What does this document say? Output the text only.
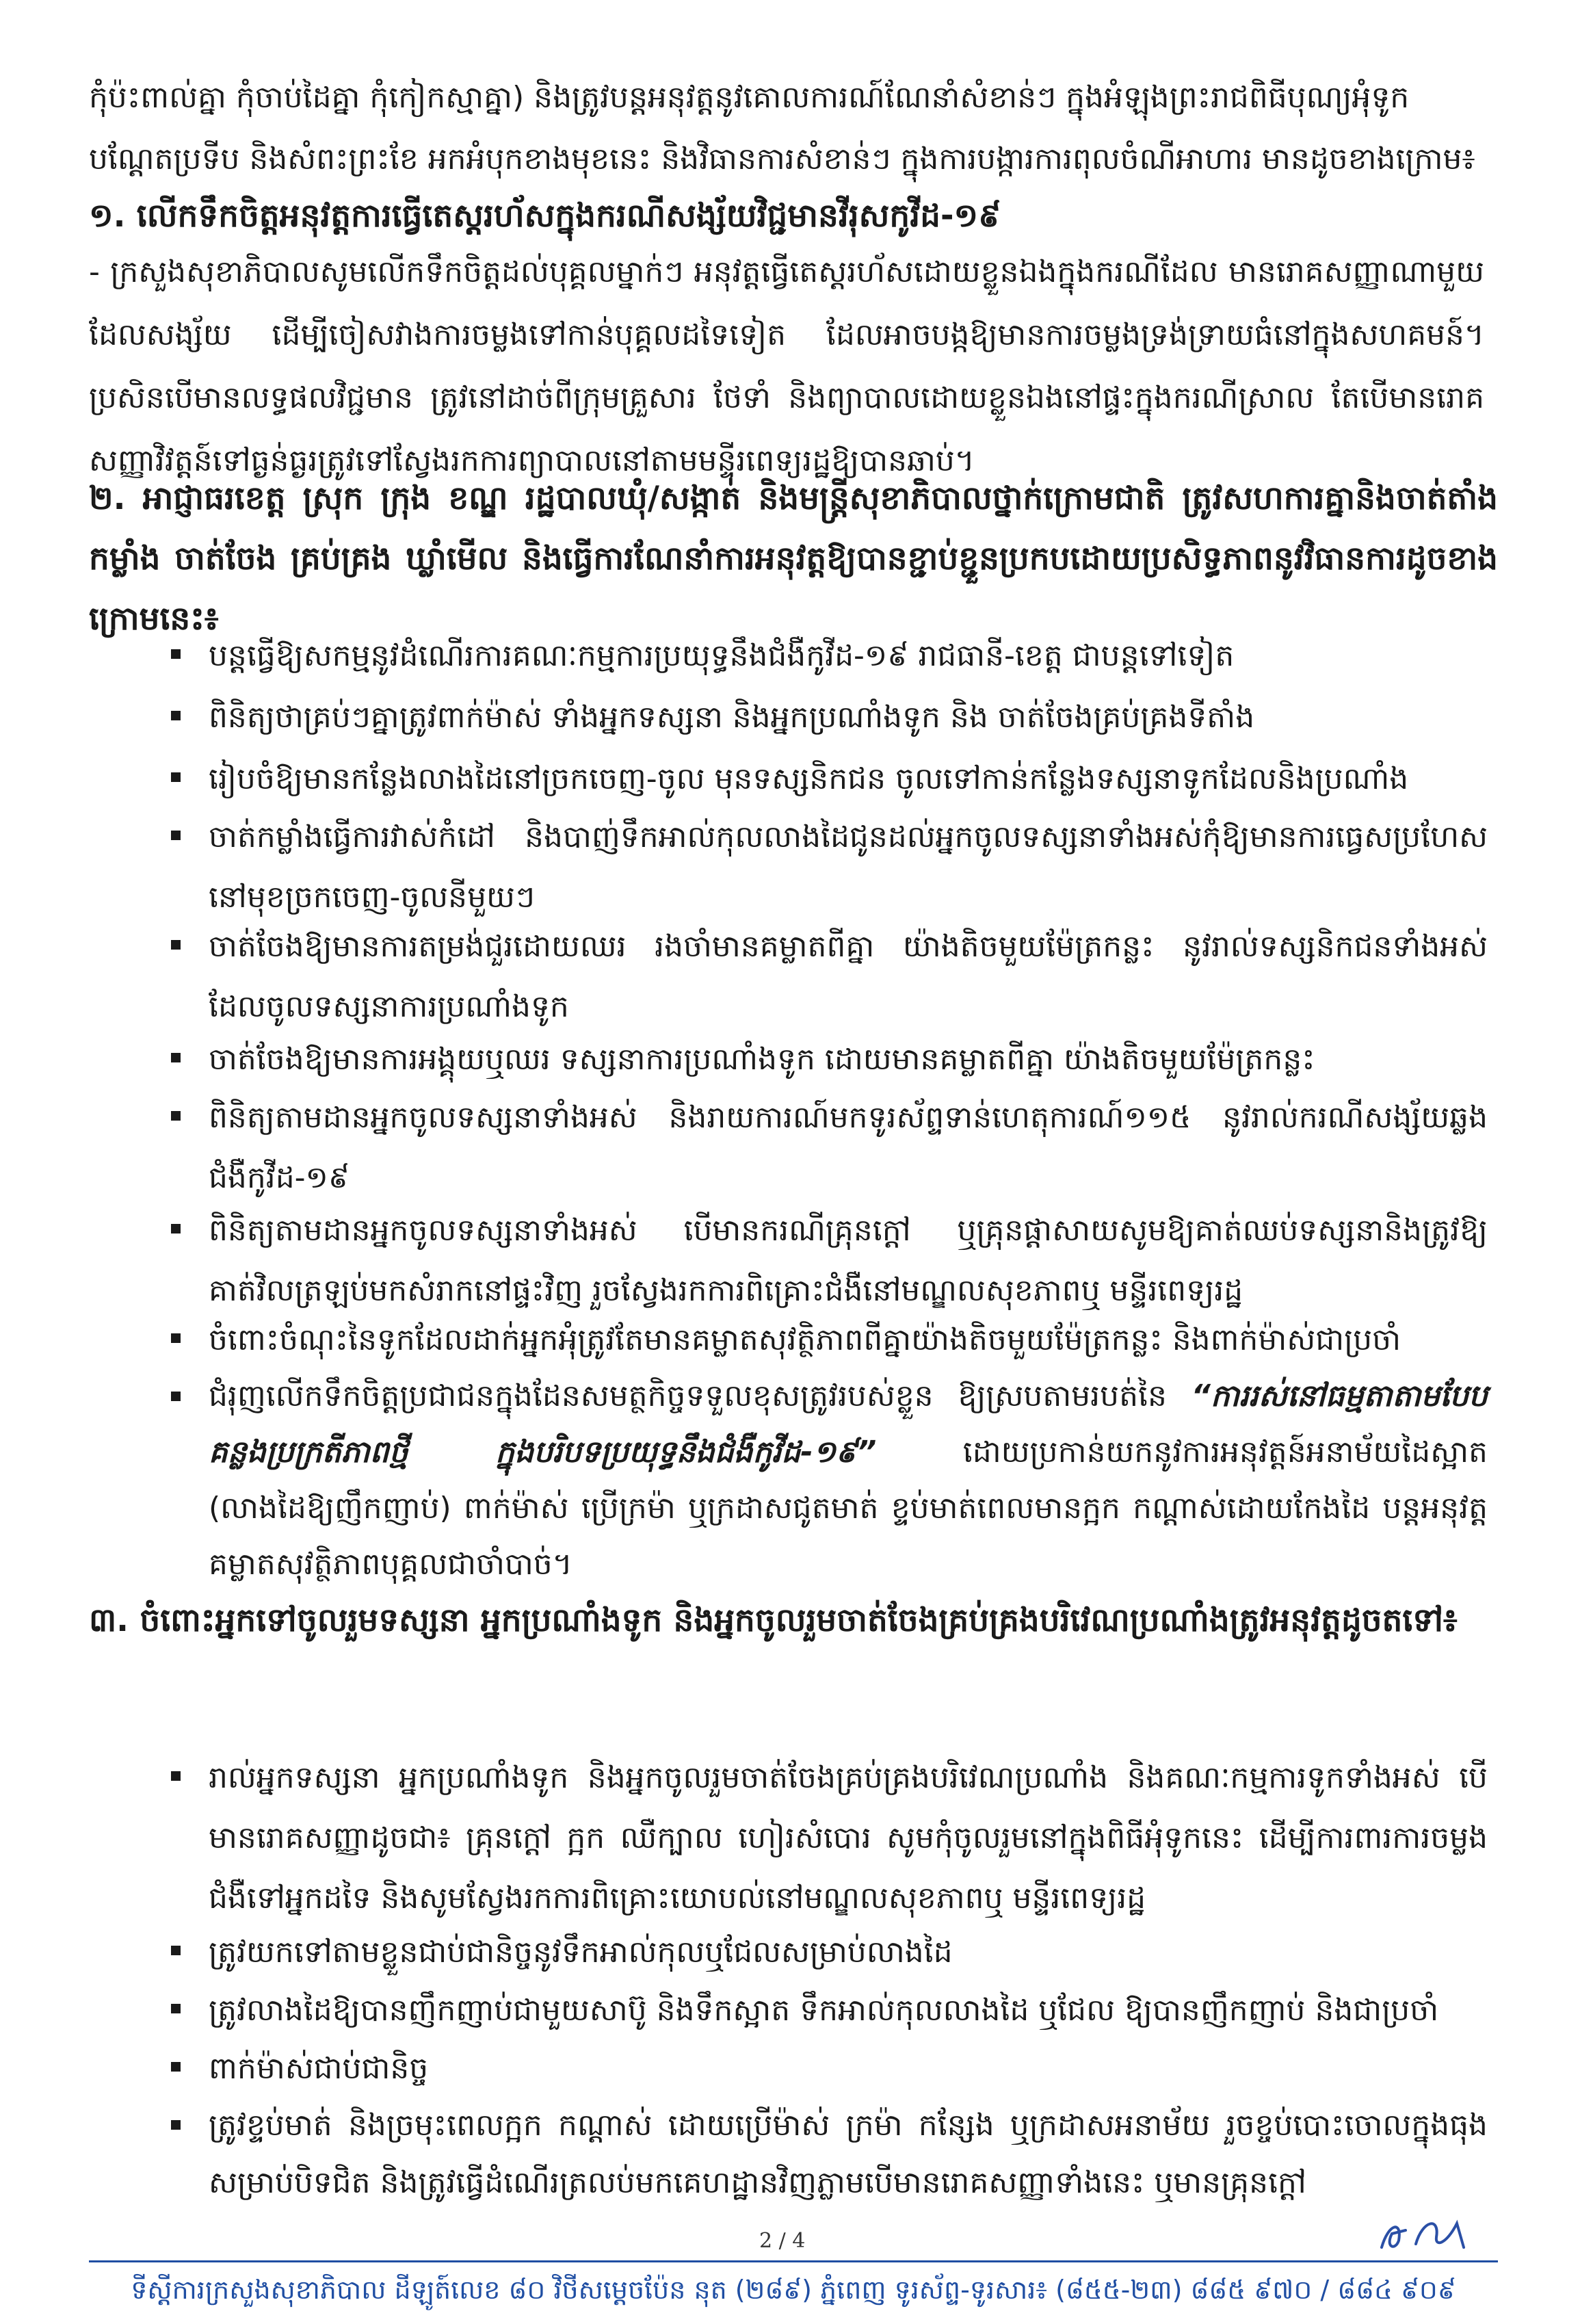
កុំប៉ះពាល់គ្នា កុំចាប់ដៃគ្នា កុំកៀកស្មាគ្នា) និងត្រូវបន្តអនុវត្តនូវគោលការណ៍ណែនាំសំខាន់ៗ ក្នុងអំឡុងព្រះរាជពិធីបុណ្យអុំទូក
បណ្តែតប្រទីប និងសំពះព្រះខែ អកអំបុកខាងមុខនេះ និងវិធានការសំខាន់ៗ ក្នុងការបង្ការការពុលចំណីអាហារ មានដូចខាងក្រោម៖
១. លើកទឹកចិត្តអនុវត្តការធ្វើតេស្តរហ័សក្នុងករណីសង្ស័យវិជ្ជមានវីរុសកូវីដ-១៩
- ក្រសួងសុខាភិបាលសូមលើកទឹកចិត្តដល់បុគ្គលម្នាក់ៗ អនុវត្តធ្វើតេស្តរហ័សដោយខ្លួនឯងក្នុងករណីដែល មានរោគសញ្ញាណាមួយដែលសង្ស័យ ដើម្បីចៀសវាងការចម្លងទៅកាន់បុគ្គលដទៃទៀត ដែលអាចបង្កឱ្យមានការចម្លងទ្រង់ទ្រាយធំនៅក្នុងសហគមន៍។ ប្រសិនបើមានលទ្ធផលវិជ្ជមាន ត្រូវនៅដាច់ពីក្រុមគ្រួសារ ថែទាំ និងព្យាបាលដោយខ្លួនឯងនៅផ្ទះក្នុងករណីស្រាល តែបើមានរោគសញ្ញាវិវត្តន៍ទៅធ្ងន់ធ្ងរត្រូវទៅស្វែងរកការព្យាបាលនៅតាមមន្ទីរពេទ្យរដ្ឋឱ្យបានឆាប់។
២. អាជ្ញាធរខេត្ត ស្រុក ក្រុង ខណ្ឌ រដ្ឋបាលឃុំ/សង្កាត់ និងមន្រ្តីសុខាភិបាលថ្នាក់ក្រោមជាតិ ត្រូវសហការគ្នានិងចាត់តាំងកម្លាំង ចាត់ចែង គ្រប់គ្រង ឃ្លាំមើល និងធ្វើការណែនាំការអនុវត្តឱ្យបានខ្ជាប់ខ្ជួនប្រកបដោយប្រសិទ្ធភាពនូវវិធានការដូចខាងក្រោមនេះ៖
បន្តធ្វើឱ្យសកម្មនូវដំណើរការគណៈកម្មការប្រយុទ្ធនឹងជំងឺកូវីដ-១៩ រាជធានី-ខេត្ត ជាបន្តទៅទៀត
ពិនិត្យថាគ្រប់ៗគ្នាត្រូវពាក់ម៉ាស់ ទាំងអ្នកទស្សនា និងអ្នកប្រណាំងទូក និង ចាត់ចែងគ្រប់គ្រងទីតាំង
រៀបចំឱ្យមានកន្លែងលាងដៃនៅច្រកចេញ-ចូល មុនទស្សនិកជន ចូលទៅកាន់កន្លែងទស្សនាទូកដែលនិងប្រណាំង
ចាត់កម្លាំងធ្វើការវាស់កំដៅ និងបាញ់ទឹកអាល់កុលលាងដៃជូនដល់អ្នកចូលទស្សនាទាំងអស់កុំឱ្យមានការធ្វេសប្រហែសនៅមុខច្រកចេញ-ចូលនីមួយៗ
ចាត់ចែងឱ្យមានការតម្រង់ជួរដោយឈរ រងចាំមានគម្លាតពីគ្នា យ៉ាងតិចមួយម៉ែត្រកន្លះ នូវរាល់ទស្សនិកជនទាំងអស់ដែលចូលទស្សនាការប្រណាំងទូក
ចាត់ចែងឱ្យមានការអង្គុយឬឈរ ទស្សនាការប្រណាំងទូក ដោយមានគម្លាតពីគ្នា យ៉ាងតិចមួយម៉ែត្រកន្លះ
ពិនិត្យតាមដានអ្នកចូលទស្សនាទាំងអស់ និងរាយការណ៍មកទូរស័ព្ទទាន់ហេតុការណ៍១១៥ នូវរាល់ករណីសង្ស័យឆ្លងជំងឺកូវីដ-១៩
ពិនិត្យតាមដានអ្នកចូលទស្សនាទាំងអស់ បើមានករណីគ្រុនក្តៅ ឬគ្រុនផ្តាសាយសូមឱ្យគាត់ឈប់ទស្សនានិងត្រូវឱ្យគាត់វិលត្រឡប់មកសំរាកនៅផ្ទះវិញ រួចស្វែងរកការពិគ្រោះជំងឺនៅមណ្ឌលសុខភាពឬ មន្ទីរពេទ្យរដ្ឋ
ចំពោះចំណុះនៃទូកដែលដាក់អ្នកអុំត្រូវតែមានគម្លាតសុវត្ថិភាពពីគ្នាយ៉ាងតិចមួយម៉ែត្រកន្លះ និងពាក់ម៉ាស់ជាប្រចាំ
ជំរុញលើកទឹកចិត្តប្រជាជនក្នុងដែនសមត្ថកិច្ចទទួលខុសត្រូវរបស់ខ្លួន ឱ្យស្របតាមរបត់នៃ “ការរស់នៅធម្មតាតាមបែបគន្លងប្រក្រតីភាពថ្មី ក្នុងបរិបទប្រយុទ្ធនឹងជំងឺកូវីដ-១៩” ដោយប្រកាន់យកនូវការអនុវត្តន៍អនាម័យដៃស្អាត (លាងដៃឱ្យញឹកញាប់) ពាក់ម៉ាស់ ប្រើក្រម៉ា ឬក្រដាសជូតមាត់ ខ្ទប់មាត់ពេលមានក្អក កណ្តាស់ដោយកែងដៃ បន្តអនុវត្តគម្លាតសុវត្ថិភាពបុគ្គលជាចាំបាច់។
៣. ចំពោះអ្នកទៅចូលរួមទស្សនា អ្នកប្រណាំងទូក និងអ្នកចូលរួមចាត់ចែងគ្រប់គ្រងបរិវេណប្រណាំងត្រូវអនុវត្តដូចតទៅ៖
រាល់អ្នកទស្សនា អ្នកប្រណាំងទូក និងអ្នកចូលរួមចាត់ចែងគ្រប់គ្រងបរិវេណប្រណាំង និងគណៈកម្មការទូកទាំងអស់ បើមានរោគសញ្ញាដូចជា៖ គ្រុនក្តៅ ក្អក ឈឺក្បាល ហៀរសំបោរ សូមកុំចូលរួមនៅក្នុងពិធីអុំទូកនេះ ដើម្បីការពារការចម្លងជំងឺទៅអ្នកដទៃ និងសូមស្វែងរកការពិគ្រោះយោបល់នៅមណ្ឌលសុខភាពឬ មន្ទីរពេទ្យរដ្ឋ
ត្រូវយកទៅតាមខ្លួនជាប់ជានិច្ចនូវទឹកអាល់កុលឬជែលសម្រាប់លាងដៃ
ត្រូវលាងដៃឱ្យបានញឹកញាប់ជាមួយសាប៊ូ និងទឹកស្អាត ទឹកអាល់កុលលាងដៃ ឬជែល ឱ្យបានញឹកញាប់ និងជាប្រចាំ
ពាក់ម៉ាស់ជាប់ជានិច្ច
ត្រូវខ្ទប់មាត់ និងច្រមុះពេលក្អក កណ្តាស់ ដោយប្រើម៉ាស់ ក្រម៉ា កន្សែង ឬក្រដាសអនាម័យ រួចខ្ចប់បោះចោលក្នុងធុងសម្រាប់បិទជិត និងត្រូវធ្វើដំណើរត្រលប់មកគេហដ្ឋានវិញភ្លាមបើមានរោគសញ្ញាទាំងនេះ ឬមានគ្រុនក្តៅ
2 / 4
ទីស្តីការក្រសួងសុខាភិបាល ដីឡូត៍លេខ ៨០ វិថីសម្តេចប៉ែន នុត (២៨៩) ភ្នំពេញ ទូរស័ព្ទ-ទូរសារ៖ (៨៥៥-២៣) ៨៨៥ ៩៧០ / ៨៨៤ ៩០៩
